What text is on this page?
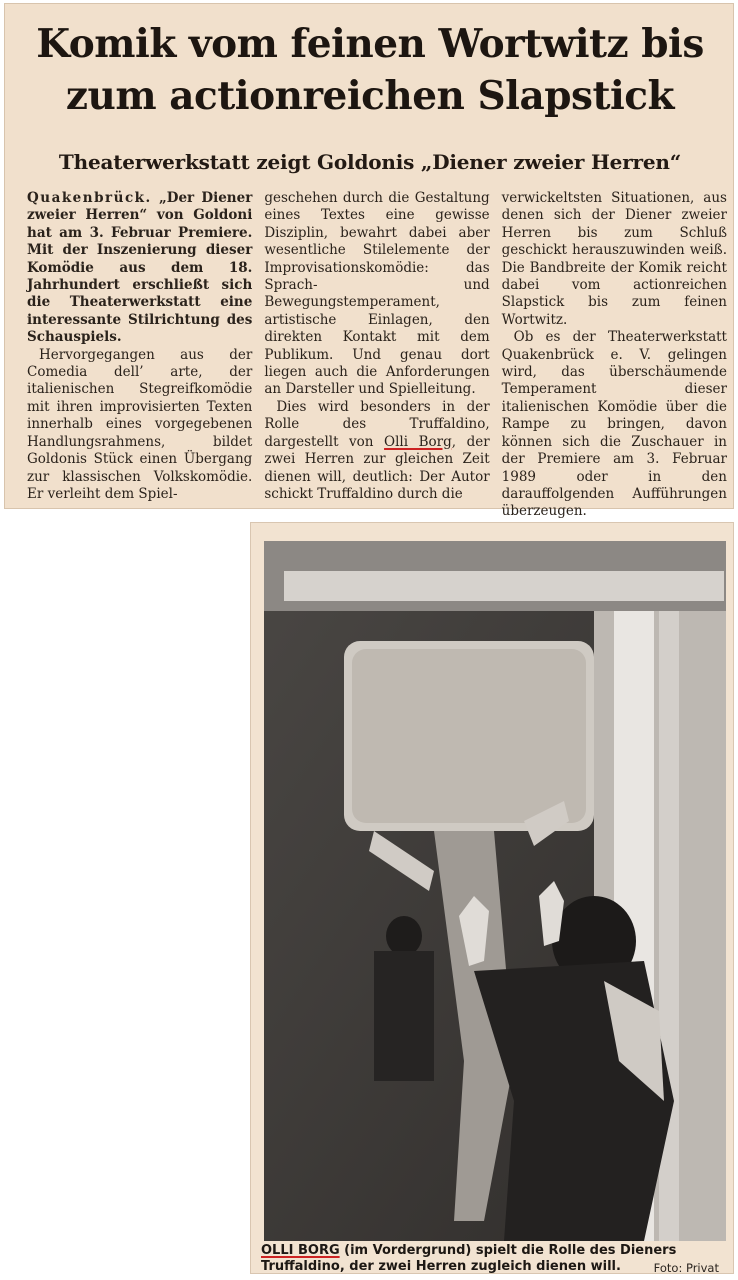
Komik vom feinen Wortwitz bis
zum actionreichen Slapstick
Theaterwerkstatt zeigt Goldonis „Diener zweier Herren“

Quakenbrück. „Der Diener zweier Herren“ von Goldoni hat am 3. Februar Premiere. Mit der Inszenierung dieser Komödie aus dem 18. Jahrhundert erschließt sich die Theaterwerkstatt eine interessante Stilrichtung des Schauspiels.

Hervorgegangen aus der Comedia dell’ arte, der italienischen Stegreifkomödie mit ihren improvisierten Texten innerhalb eines vorgegebenen Handlungsrahmens, bildet Goldonis Stück einen Übergang zur klassischen Volkskomödie. Er verleiht dem Spiel-

geschehen durch die Gestaltung eines Textes eine gewisse Disziplin, bewahrt dabei aber wesentliche Stilelemente der Improvisationskomödie: das Sprach- und Bewegungstemperament, artistische Einlagen, den direkten Kontakt mit dem Publikum. Und genau dort liegen auch die Anforderungen an Darsteller und Spielleitung.

Dies wird besonders in der Rolle des Truffaldino, dargestellt von Olli Borg, der zwei Herren zur gleichen Zeit dienen will, deutlich: Der Autor schickt Truffaldino durch die

verwickeltsten Situationen, aus denen sich der Diener zweier Herren bis zum Schluß geschickt herauszuwinden weiß. Die Bandbreite der Komik reicht dabei vom actionreichen Slapstick bis zum feinen Wortwitz.

Ob es der Theaterwerkstatt Quakenbrück e. V. gelingen wird, das überschäumende Temperament dieser italienischen Komödie über die Rampe zu bringen, davon können sich die Zuschauer in der Premiere am 3. Februar 1989 oder in den darauffolgenden Aufführungen überzeugen.

OLLI BORG (im Vordergrund) spielt die Rolle des Dieners Truffaldino, der zwei Herren zugleich dienen will.	Foto: Privat
